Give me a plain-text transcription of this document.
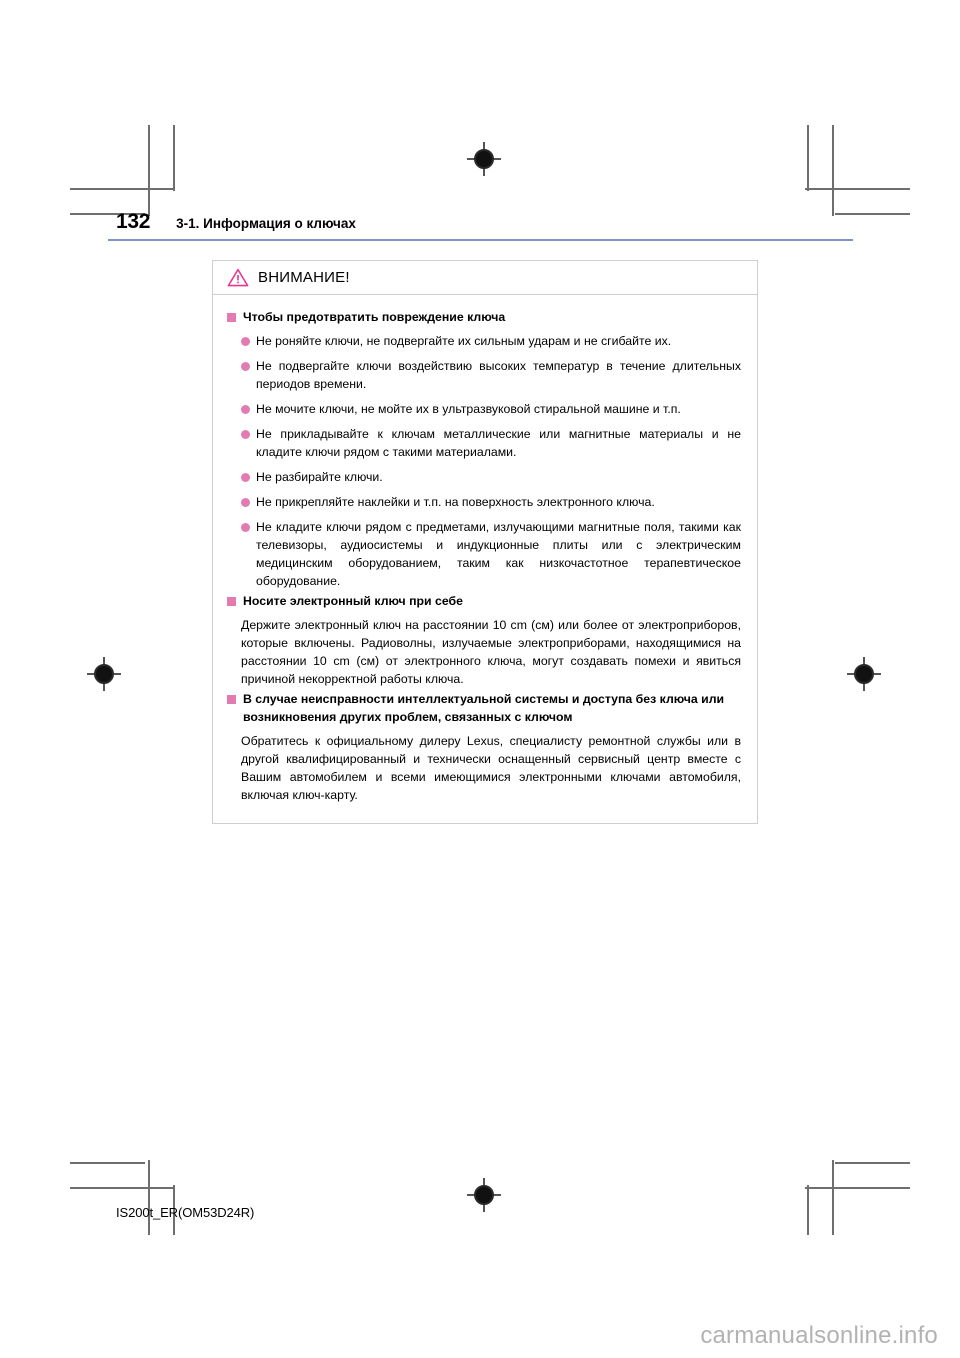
132 3-1. Информация о ключах
ВНИМАНИЕ!
Чтобы предотвратить повреждение ключа
Не роняйте ключи, не подвергайте их сильным ударам и не сгибайте их.
Не подвергайте ключи воздействию высоких температур в течение длительных периодов времени.
Не мочите ключи, не мойте их в ультразвуковой стиральной машине и т.п.
Не прикладывайте к ключам металлические или магнитные материалы и не кладите ключи рядом с такими материалами.
Не разбирайте ключи.
Не прикрепляйте наклейки и т.п. на поверхность электронного ключа.
Не кладите ключи рядом с предметами, излучающими магнитные поля, такими как телевизоры, аудиосистемы и индукционные плиты или с электрическим медицинским оборудованием, таким как низкочастотное терапевтическое оборудование.
Носите электронный ключ при себе

Держите электронный ключ на расстоянии 10 cm (см) или более от электроприборов, которые включены. Радиоволны, излучаемые электроприборами, находящимися на расстоянии 10 cm (см) от электронного ключа, могут создавать помехи и явиться причиной некорректной работы ключа.

В случае неисправности интеллектуальной системы и доступа без ключа или возникновения других проблем, связанных с ключом

Обратитесь к официальному дилеру Lexus, специалисту ремонтной службы или в другой квалифицированный и технически оснащенный сервисный центр вместе с Вашим автомобилем и всеми имеющимися электронными ключами автомобиля, включая ключ-карту.

IS200t_ER(OM53D24R)
carmanualsonline.info
